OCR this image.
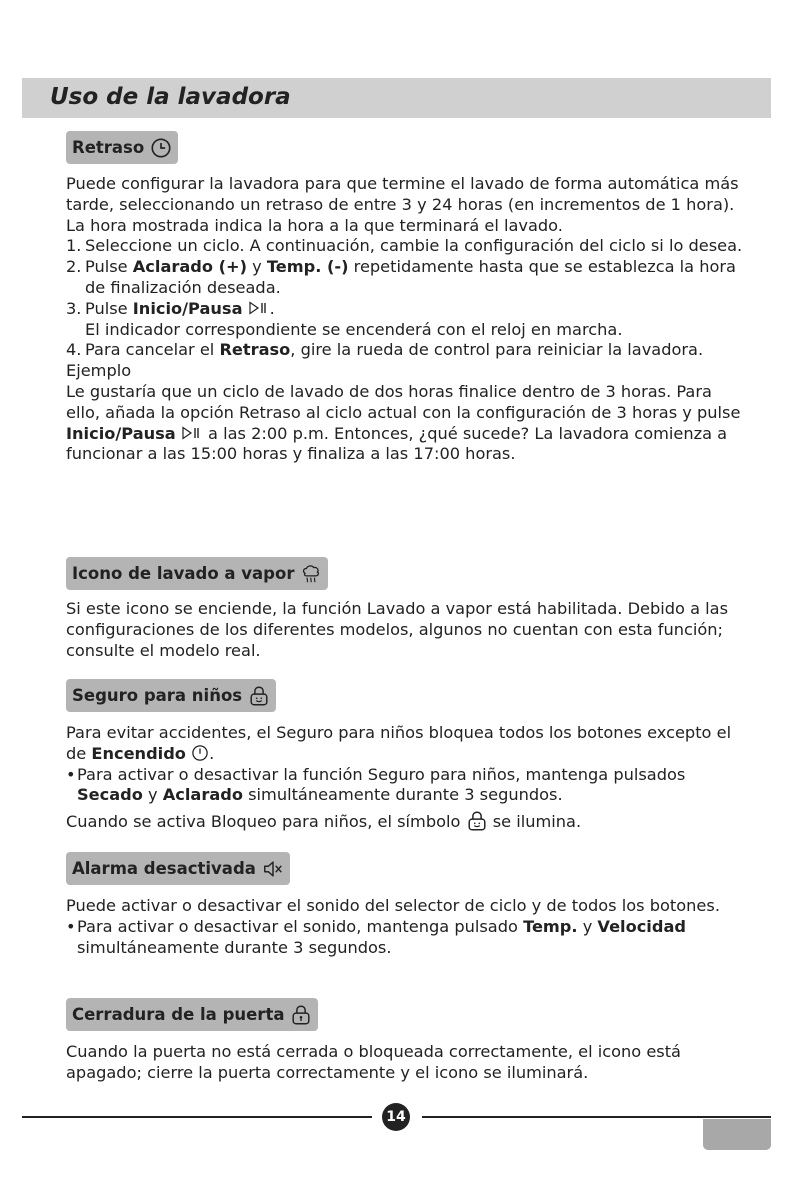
Uso de la lavadora
Retraso

Puede configurar la lavadora para que termine el lavado de forma automática más tarde, seleccionando un retraso de entre 3 y 24 horas (en incrementos de 1 hora). La hora mostrada indica la hora a la que terminará el lavado.

1. Seleccione un ciclo. A continuación, cambie la configuración del ciclo si lo desea.
2. Pulse Aclarado (+) y Temp. (-) repetidamente hasta que se establezca la hora de finalización deseada.
3. Pulse Inicio/Pausa .
El indicador correspondiente se encenderá con el reloj en marcha.
4. Para cancelar el Retraso, gire la rueda de control para reiniciar la lavadora.

Ejemplo

Le gustaría que un ciclo de lavado de dos horas finalice dentro de 3 horas. Para ello, añada la opción Retraso al ciclo actual con la configuración de 3 horas y pulse Inicio/Pausa  a las 2:00 p.m. Entonces, ¿qué sucede? La lavadora comienza a funcionar a las 15:00 horas y finaliza a las 17:00 horas.

Icono de lavado a vapor

Si este icono se enciende, la función Lavado a vapor está habilitada. Debido a las configuraciones de los diferentes modelos, algunos no cuentan con esta función; consulte el modelo real.

Seguro para niños

Para evitar accidentes, el Seguro para niños bloquea todos los botones excepto el de Encendido .

• Para activar o desactivar la función Seguro para niños, mantenga pulsados Secado y Aclarado simultáneamente durante 3 segundos.

Cuando se activa Bloqueo para niños, el símbolo  se ilumina.

Alarma desactivada

Puede activar o desactivar el sonido del selector de ciclo y de todos los botones.

• Para activar o desactivar el sonido, mantenga pulsado Temp. y Velocidad simultáneamente durante 3 segundos.
Cerradura de la puerta

Cuando la puerta no está cerrada o bloqueada correctamente, el icono está apagado; cierre la puerta correctamente y el icono se iluminará.

14
